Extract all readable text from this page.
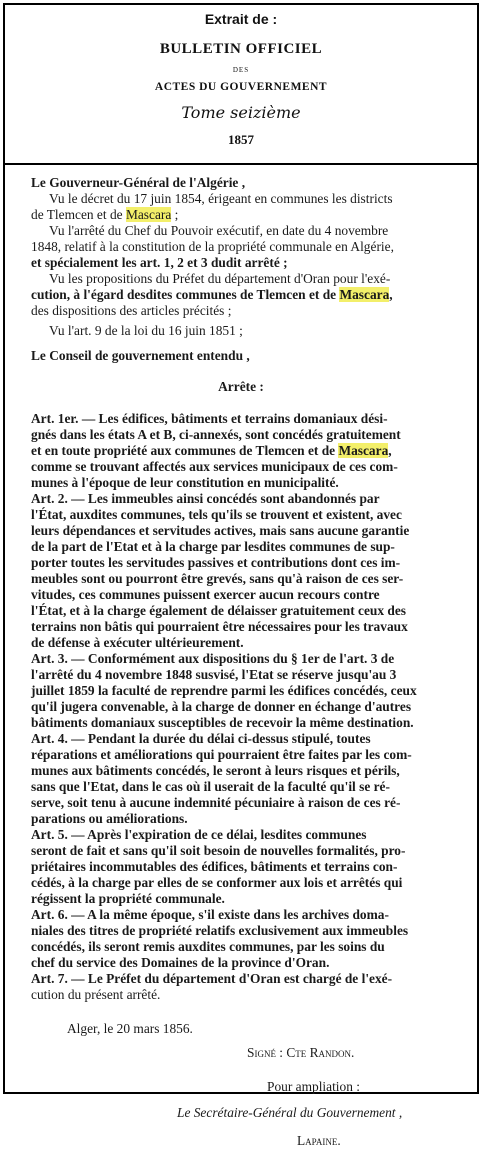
Extrait de :
BULLETIN OFFICIEL
DES
ACTES DU GOUVERNEMENT
Tome seizième
1857
Le Gouverneur-Général de l'Algérie ,
Vu le décret du 17 juin 1854, érigeant en communes les districts
de Tlemcen et de Mascara ;
Vu l'arrêté du Chef du Pouvoir exécutif, en date du 4 novembre
1848, relatif à la constitution de la propriété communale en Algérie,
et spécialement les art. 1, 2 et 3 dudit arrêté ;
Vu les propositions du Préfet du département d'Oran pour l'exé-
cution, à l'égard desdites communes de Tlemcen et de Mascara,
des dispositions des articles précités ;
Vu l'art. 9 de la loi du 16 juin 1851 ;
Le Conseil de gouvernement entendu ,
Arrête :
Art. 1er. — Les édifices, bâtiments et terrains domaniaux dési-
gnés dans les états A et B, ci-annexés, sont concédés gratuitement
et en toute propriété aux communes de Tlemcen et de Mascara,
comme se trouvant affectés aux services municipaux de ces com-
munes à l'époque de leur constitution en municipalité.
Art. 2. — Les immeubles ainsi concédés sont abandonnés par
l'État, auxdites communes, tels qu'ils se trouvent et existent, avec
leurs dépendances et servitudes actives, mais sans aucune garantie
de la part de l'Etat et à la charge par lesdites communes de sup-
porter toutes les servitudes passives et contributions dont ces im-
meubles sont ou pourront être grevés, sans qu'à raison de ces ser-
vitudes, ces communes puissent exercer aucun recours contre
l'État, et à la charge également de délaisser gratuitement ceux des
terrains non bâtis qui pourraient être nécessaires pour les travaux
de défense à exécuter ultérieurement.
Art. 3. — Conformément aux dispositions du § 1er de l'art. 3 de
l'arrêté du 4 novembre 1848 susvisé, l'Etat se réserve jusqu'au 3
juillet 1859 la faculté de reprendre parmi les édifices concédés, ceux
qu'il jugera convenable, à la charge de donner en échange d'autres
bâtiments domaniaux susceptibles de recevoir la même destination.
Art. 4. — Pendant la durée du délai ci-dessus stipulé, toutes
réparations et améliorations qui pourraient être faites par les com-
munes aux bâtiments concédés, le seront à leurs risques et périls,
sans que l'Etat, dans le cas où il userait de la faculté qu'il se ré-
serve, soit tenu à aucune indemnité pécuniaire à raison de ces ré-
parations ou améliorations.
Art. 5. — Après l'expiration de ce délai, lesdites communes
seront de fait et sans qu'il soit besoin de nouvelles formalités, pro-
priétaires incommutables des édifices, bâtiments et terrains con-
cédés, à la charge par elles de se conformer aux lois et arrêtés qui
régissent la propriété communale.
Art. 6. — A la même époque, s'il existe dans les archives doma-
niales des titres de propriété relatifs exclusivement aux immeubles
concédés, ils seront remis auxdites communes, par les soins du
chef du service des Domaines de la province d'Oran.
Art. 7. — Le Préfet du département d'Oran est chargé de l'exé-
cution du présent arrêté.
Alger, le 20 mars 1856.
Signé : Cte Randon.
Pour ampliation :
Le Secrétaire-Général du Gouvernement ,
Lapaine.
